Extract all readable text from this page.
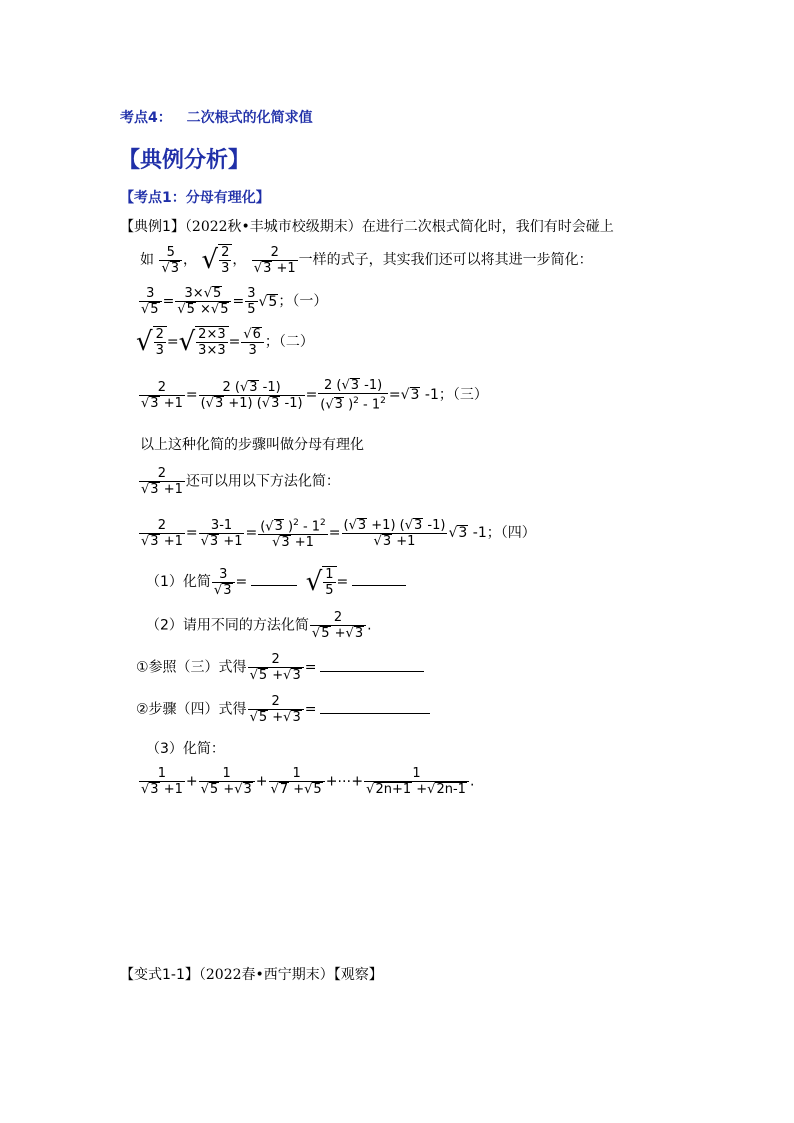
考点4： 二次根式的化简求值
【典例分析】
【考点1：分母有理化】
【典例1】（2022秋•丰城市校级期末）在进行二次根式简化时，我们有时会碰上
如 $\frac{5}{√3}$ ， √ $\frac{2}{3}$ ， $\frac{2}{√3 +1}$ 一样的式子，其实我们还可以将其进一步简化：
$\frac{3}{√5} = \frac{3\times√5}{√5 \times√5} = \frac{3}{5} √5$；（一）
√ $\frac{2}{3}$ =√ $\frac{2\times 3}{3\times 3} = \frac{√6}{3}$ ；（二）
$\frac{2}{√3 +1} = \frac{2 (√3 -1)}{(√3 +1) (√3 -1)} = \frac{2 (√3 -1)}{(√3 )^2 - 1^2} =√3$ -1；（三）
以上这种化简的步骤叫做分母有理化
$\frac{2}{√3 +1}$ 还可以用以下方法化简：
$\frac{2}{√3 +1} = \frac{3-1}{√3 +1} = \frac{(√3 )^2 - 1^2}{√3 +1} = \frac{(√3 +1) (√3 -1)}{√3 +1} √3$ -1；（四）
（1）化简 $\frac{3}{√3}$ = √ $\frac{1}{5}$ =
（2）请用不同的方法化简 $\frac{2}{√5 +√3}$ .
①参照（三）式得 $\frac{2}{√5 +√3}$ =
②步骤（四）式得 $\frac{2}{√5 +√3}$ =
（3）化简：
$\frac{1}{√3 +1} + \frac{1}{√5 +√3} + \frac{1}{√7 +√5}$ +⋯+ $\frac{1}{√2n+1 +√2n-1}$ .
【变式1-1】（2022春•西宁期末）【观察】
